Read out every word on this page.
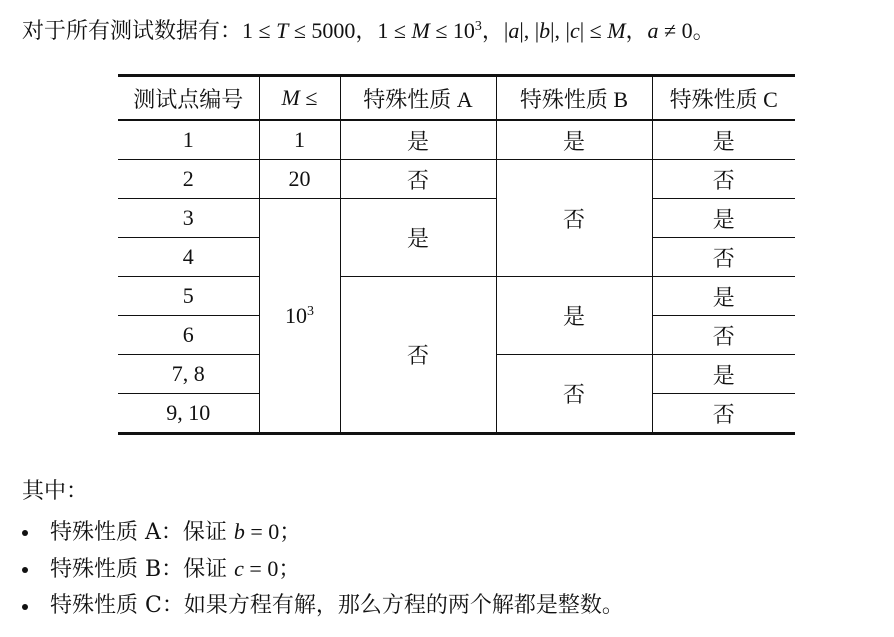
对于所有测试数据有：1 ≤ T ≤ 5000，$1 \le M \le 10^3$，|a|, |b|, |c| ≤ M，a ≠ 0。
测试点编号	M ≤	特殊性质 A	特殊性质 B	特殊性质 C
1	1	是	是	是
2	20	否	否	否
3	$10^3$	是		是
4				否
5		否	是	是
6				否
7, 8			否	是
9, 10				否
其中：
特殊性质 A：保证 b = 0；
特殊性质 B：保证 c = 0；
特殊性质 C：如果方程有解，那么方程的两个解都是整数。
